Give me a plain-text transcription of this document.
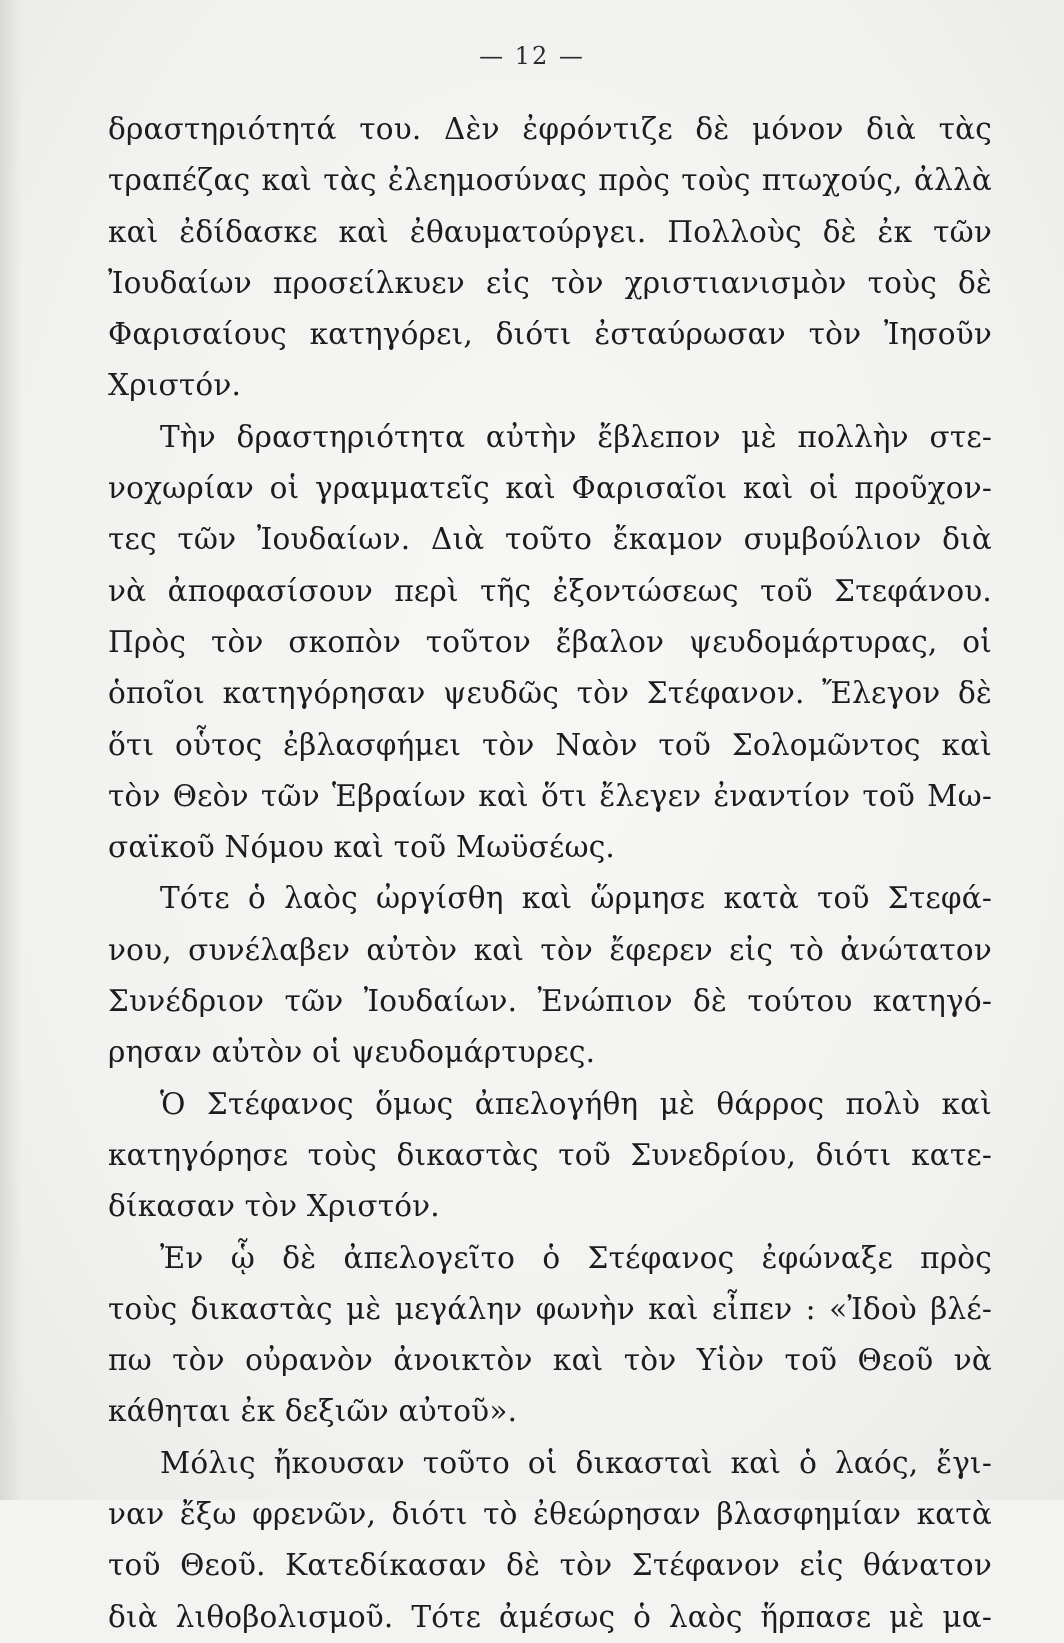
— 12 —
δραστηριότητά του. Δὲν ἐφρόντιζε δὲ μόνον διὰ τὰς
τραπέζας καὶ τὰς ἐλεημοσύνας πρὸς τοὺς πτωχούς, ἀλλὰ
καὶ ἐδίδασκε καὶ ἐθαυματούργει. Πολλοὺς δὲ ἐκ τῶν
Ἰουδαίων προσείλκυεν εἰς τὸν χριστιανισμὸν τοὺς δὲ
Φαρισαίους κατηγόρει, διότι ἐσταύρωσαν τὸν Ἰησοῦν
Χριστόν.
Τὴν δραστηριότητα αὐτὴν ἔβλεπον μὲ πολλὴν στε-
νοχωρίαν οἱ γραμματεῖς καὶ Φαρισαῖοι καὶ οἱ προῦχον-
τες τῶν Ἰουδαίων. Διὰ τοῦτο ἔκαμον συμβούλιον διὰ
νὰ ἀποφασίσουν περὶ τῆς ἐξοντώσεως τοῦ Στεφάνου.
Πρὸς τὸν σκοπὸν τοῦτον ἔβαλον ψευδομάρτυρας, οἱ
ὁποῖοι κατηγόρησαν ψευδῶς τὸν Στέφανον. Ἔλεγον δὲ
ὅτι οὗτος ἐβλασφήμει τὸν Ναὸν τοῦ Σολομῶντος καὶ
τὸν Θεὸν τῶν Ἑβραίων καὶ ὅτι ἔλεγεν ἐναντίον τοῦ Μω-
σαϊκοῦ Νόμου καὶ τοῦ Μωϋσέως.
Τότε ὁ λαὸς ὠργίσθη καὶ ὥρμησε κατὰ τοῦ Στεφά-
νου, συνέλαβεν αὐτὸν καὶ τὸν ἔφερεν εἰς τὸ ἀνώτατον
Συνέδριον τῶν Ἰουδαίων. Ἐνώπιον δὲ τούτου κατηγό-
ρησαν αὐτὸν οἱ ψευδομάρτυρες.
Ὁ Στέφανος ὅμως ἀπελογήθη μὲ θάρρος πολὺ καὶ
κατηγόρησε τοὺς δικαστὰς τοῦ Συνεδρίου, διότι κατε-
δίκασαν τὸν Χριστόν.
Ἐν ᾧ δὲ ἀπελογεῖτο ὁ Στέφανος ἐφώναξε πρὸς
τοὺς δικαστὰς μὲ μεγάλην φωνὴν καὶ εἶπεν : «Ἰδοὺ βλέ-
πω τὸν οὐρανὸν ἀνοικτὸν καὶ τὸν Υἱὸν τοῦ Θεοῦ νὰ
κάθηται ἐκ δεξιῶν αὐτοῦ».
Μόλις ἤκουσαν τοῦτο οἱ δικασταὶ καὶ ὁ λαός, ἔγι-
ναν ἔξω φρενῶν, διότι τὸ ἐθεώρησαν βλασφημίαν κατὰ
τοῦ Θεοῦ. Κατεδίκασαν δὲ τὸν Στέφανον εἰς θάνατον
διὰ λιθοβολισμοῦ. Τότε ἀμέσως ὁ λαὸς ἥρπασε μὲ μα-
